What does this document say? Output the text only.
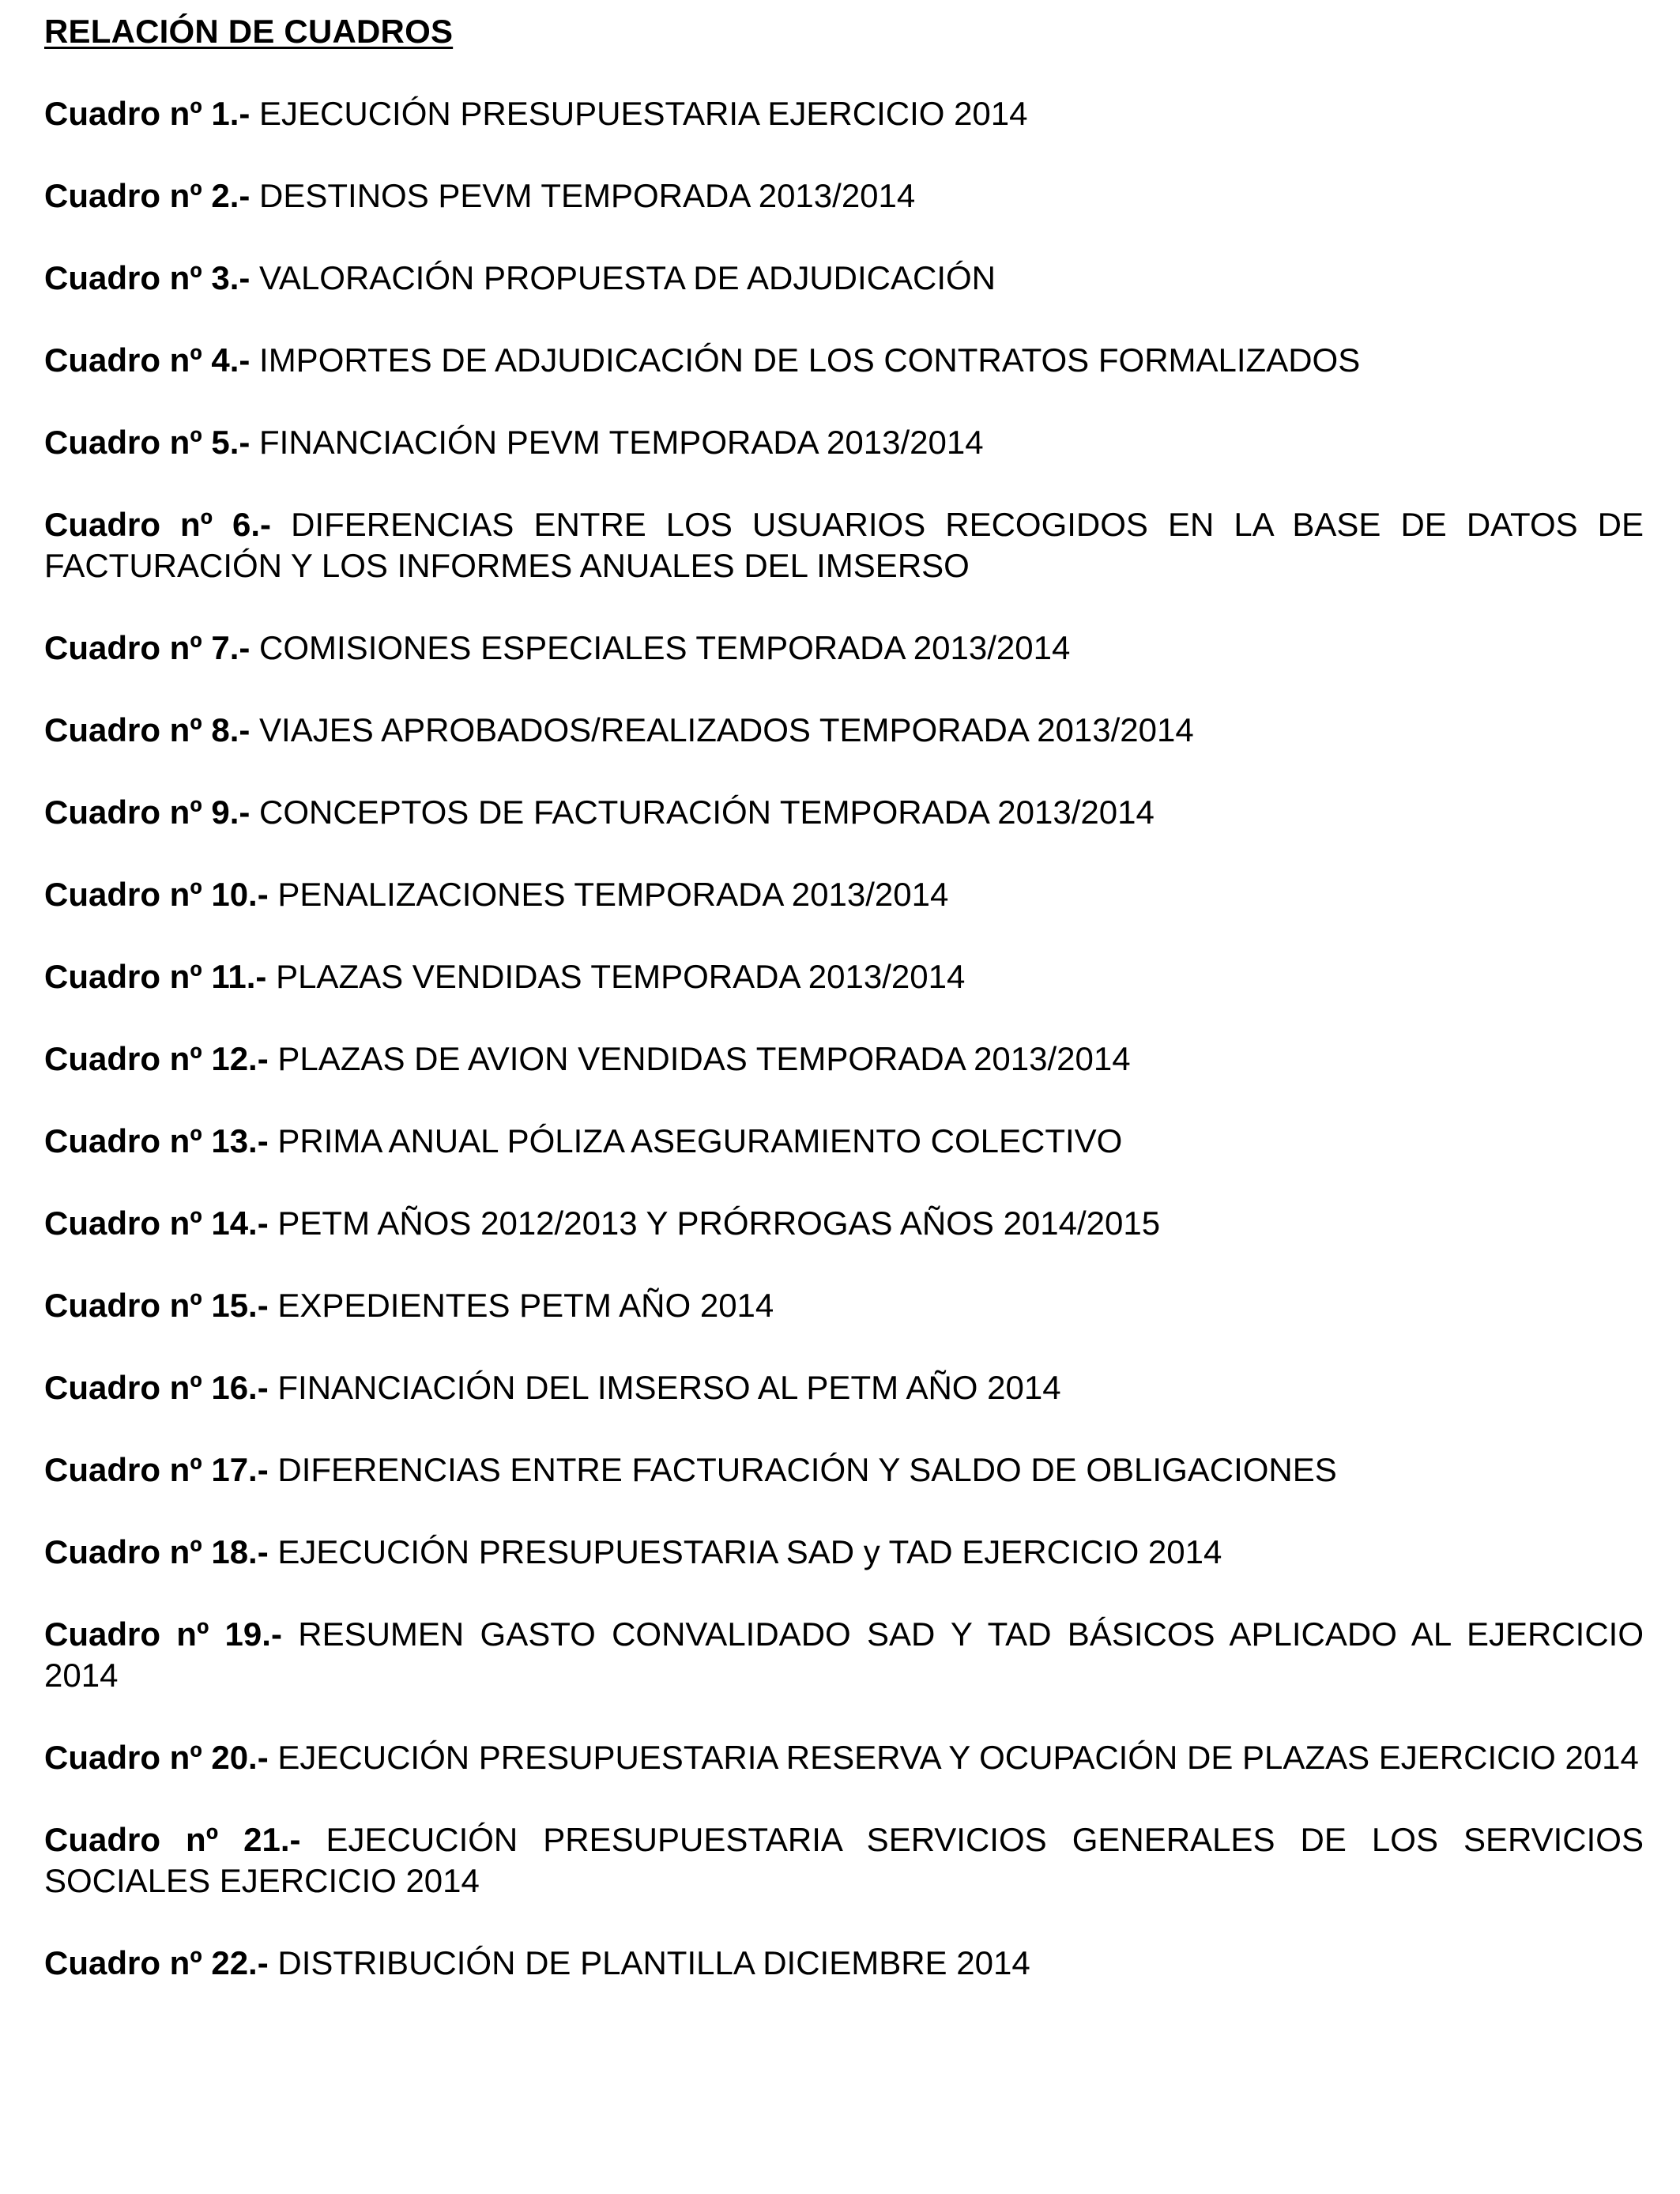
RELACIÓN DE CUADROS
Cuadro nº 1.- EJECUCIÓN PRESUPUESTARIA EJERCICIO 2014
Cuadro nº 2.- DESTINOS PEVM TEMPORADA 2013/2014
Cuadro nº 3.- VALORACIÓN PROPUESTA DE ADJUDICACIÓN
Cuadro nº 4.- IMPORTES DE ADJUDICACIÓN DE LOS CONTRATOS FORMALIZADOS
Cuadro nº 5.- FINANCIACIÓN PEVM TEMPORADA 2013/2014
Cuadro nº 6.- DIFERENCIAS ENTRE LOS USUARIOS RECOGIDOS EN LA BASE DE DATOS DE FACTURACIÓN Y LOS INFORMES ANUALES DEL IMSERSO
Cuadro nº 7.- COMISIONES ESPECIALES TEMPORADA 2013/2014
Cuadro nº 8.- VIAJES APROBADOS/REALIZADOS TEMPORADA 2013/2014
Cuadro nº 9.- CONCEPTOS DE FACTURACIÓN TEMPORADA 2013/2014
Cuadro nº 10.- PENALIZACIONES TEMPORADA 2013/2014
Cuadro nº 11.- PLAZAS VENDIDAS TEMPORADA 2013/2014
Cuadro nº 12.- PLAZAS DE AVION VENDIDAS TEMPORADA 2013/2014
Cuadro nº 13.- PRIMA ANUAL PÓLIZA ASEGURAMIENTO COLECTIVO
Cuadro nº 14.- PETM AÑOS 2012/2013 Y PRÓRROGAS AÑOS 2014/2015
Cuadro nº 15.- EXPEDIENTES PETM AÑO 2014
Cuadro nº 16.- FINANCIACIÓN DEL IMSERSO AL PETM AÑO 2014
Cuadro nº 17.- DIFERENCIAS ENTRE FACTURACIÓN Y SALDO DE OBLIGACIONES
Cuadro nº 18.- EJECUCIÓN PRESUPUESTARIA SAD y TAD EJERCICIO 2014
Cuadro nº 19.- RESUMEN GASTO CONVALIDADO SAD Y TAD BÁSICOS APLICADO AL EJERCICIO 2014
Cuadro nº 20.- EJECUCIÓN PRESUPUESTARIA RESERVA Y OCUPACIÓN DE PLAZAS EJERCICIO 2014
Cuadro nº 21.- EJECUCIÓN PRESUPUESTARIA SERVICIOS GENERALES DE LOS SERVICIOS SOCIALES EJERCICIO 2014
Cuadro nº 22.- DISTRIBUCIÓN DE PLANTILLA DICIEMBRE 2014
